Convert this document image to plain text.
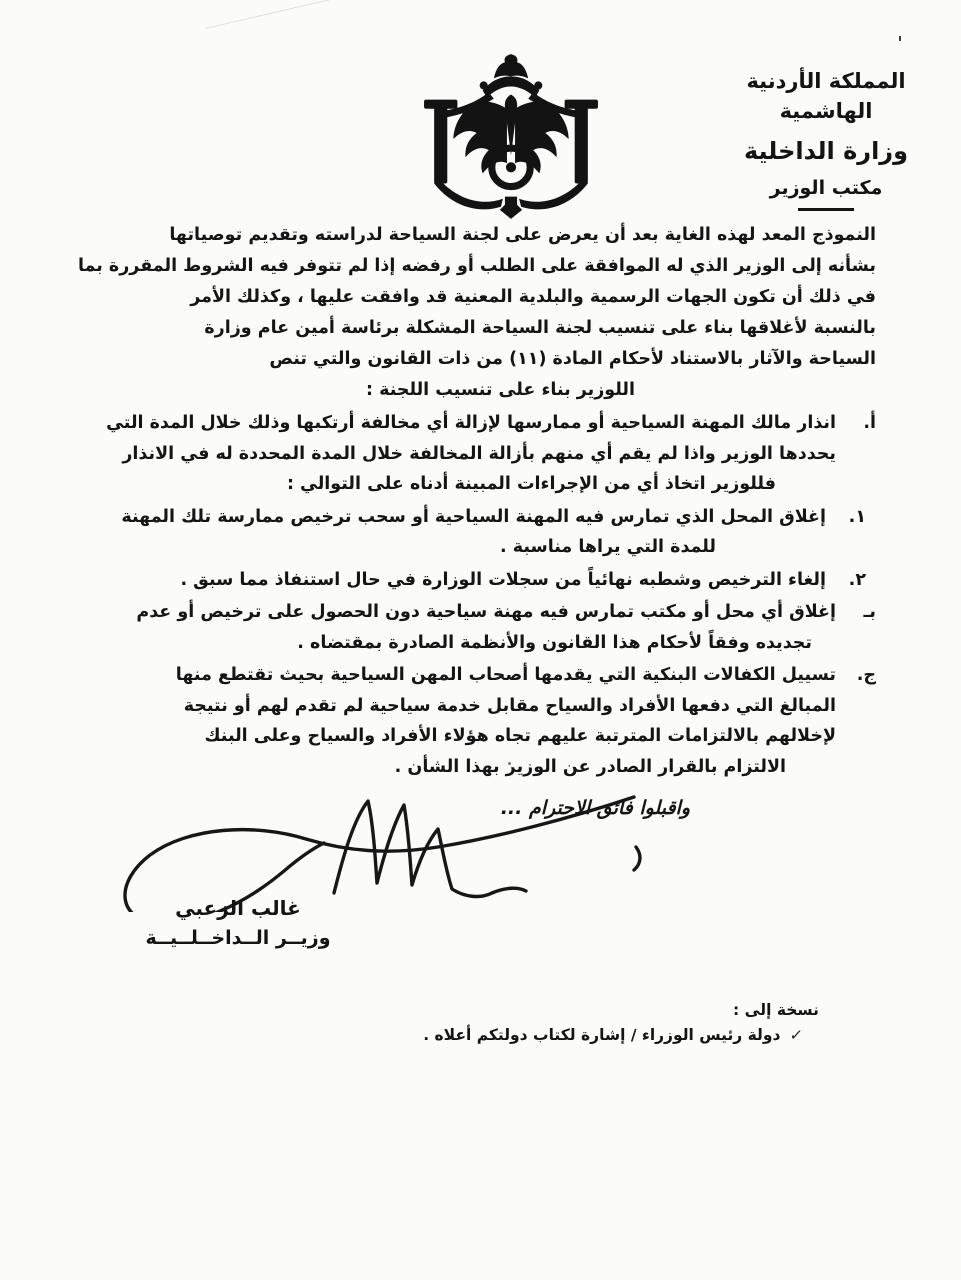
المملكة الأردنية الهاشمية
وزارة الداخلية
مكتب الوزير
النموذج المعد لهذه الغاية بعد أن يعرض على لجنة السياحة لدراسته وتقديم توصياتها
بشأنه إلى الوزير الذي له الموافقة على الطلب أو رفضه إذا لم تتوفر فيه الشروط المقررة بما
في ذلك أن تكون الجهات الرسمية والبلدية المعنية قد وافقت عليها ، وكذلك الأمر
بالنسبة لأغلاقها بناء على تنسيب لجنة السياحة المشكلة برئاسة أمين عام وزارة
السياحة والآثار بالاستناد لأحكام المادة (١١) من ذات القانون والتي تنص
اللوزير بناء على تنسيب اللجنة :
أ.
انذار مالك المهنة السياحية أو ممارسها لإزالة أي مخالفة أرتكبها وذلك خلال المدة التي
يحددها الوزير واذا لم يقم أي منهم بأزالة المخالفة خلال المدة المحددة له في الانذار
فللوزير اتخاذ أي من الإجراءات المبينة أدناه على التوالي :
١.
إغلاق المحل الذي تمارس فيه المهنة السياحية أو سحب ترخيص ممارسة تلك المهنة
للمدة التي يراها مناسبة .
٢.
إلغاء الترخيص وشطبه نهائياً من سجلات الوزارة في حال استنفاذ مما سبق .
بـ
إغلاق أي محل أو مكتب تمارس فيه مهنة سياحية دون الحصول على ترخيص أو عدم
تجديده وفقاً لأحكام هذا القانون والأنظمة الصادرة بمقتضاه .
ج.
تسييل الكفالات البنكية التي يقدمها أصحاب المهن السياحية بحيث تقتطع منها
المبالغ التي دفعها الأفراد والسياح مقابل خدمة سياحية لم تقدم لهم أو نتيجة
لإخلالهم بالالتزامات المترتبة عليهم تجاه هؤلاء الأفراد والسياح وعلى البنك
الالتزام بالقرار الصادر عن الوزير بهذا الشأن .
واقبلوا فائق الاحترام ...
غالب الزعبي
وزيــر الــداخــلــيــة
نسخة إلى :
✓دولة رئيس الوزراء / إشارة لكتاب دولتكم أعلاه .
